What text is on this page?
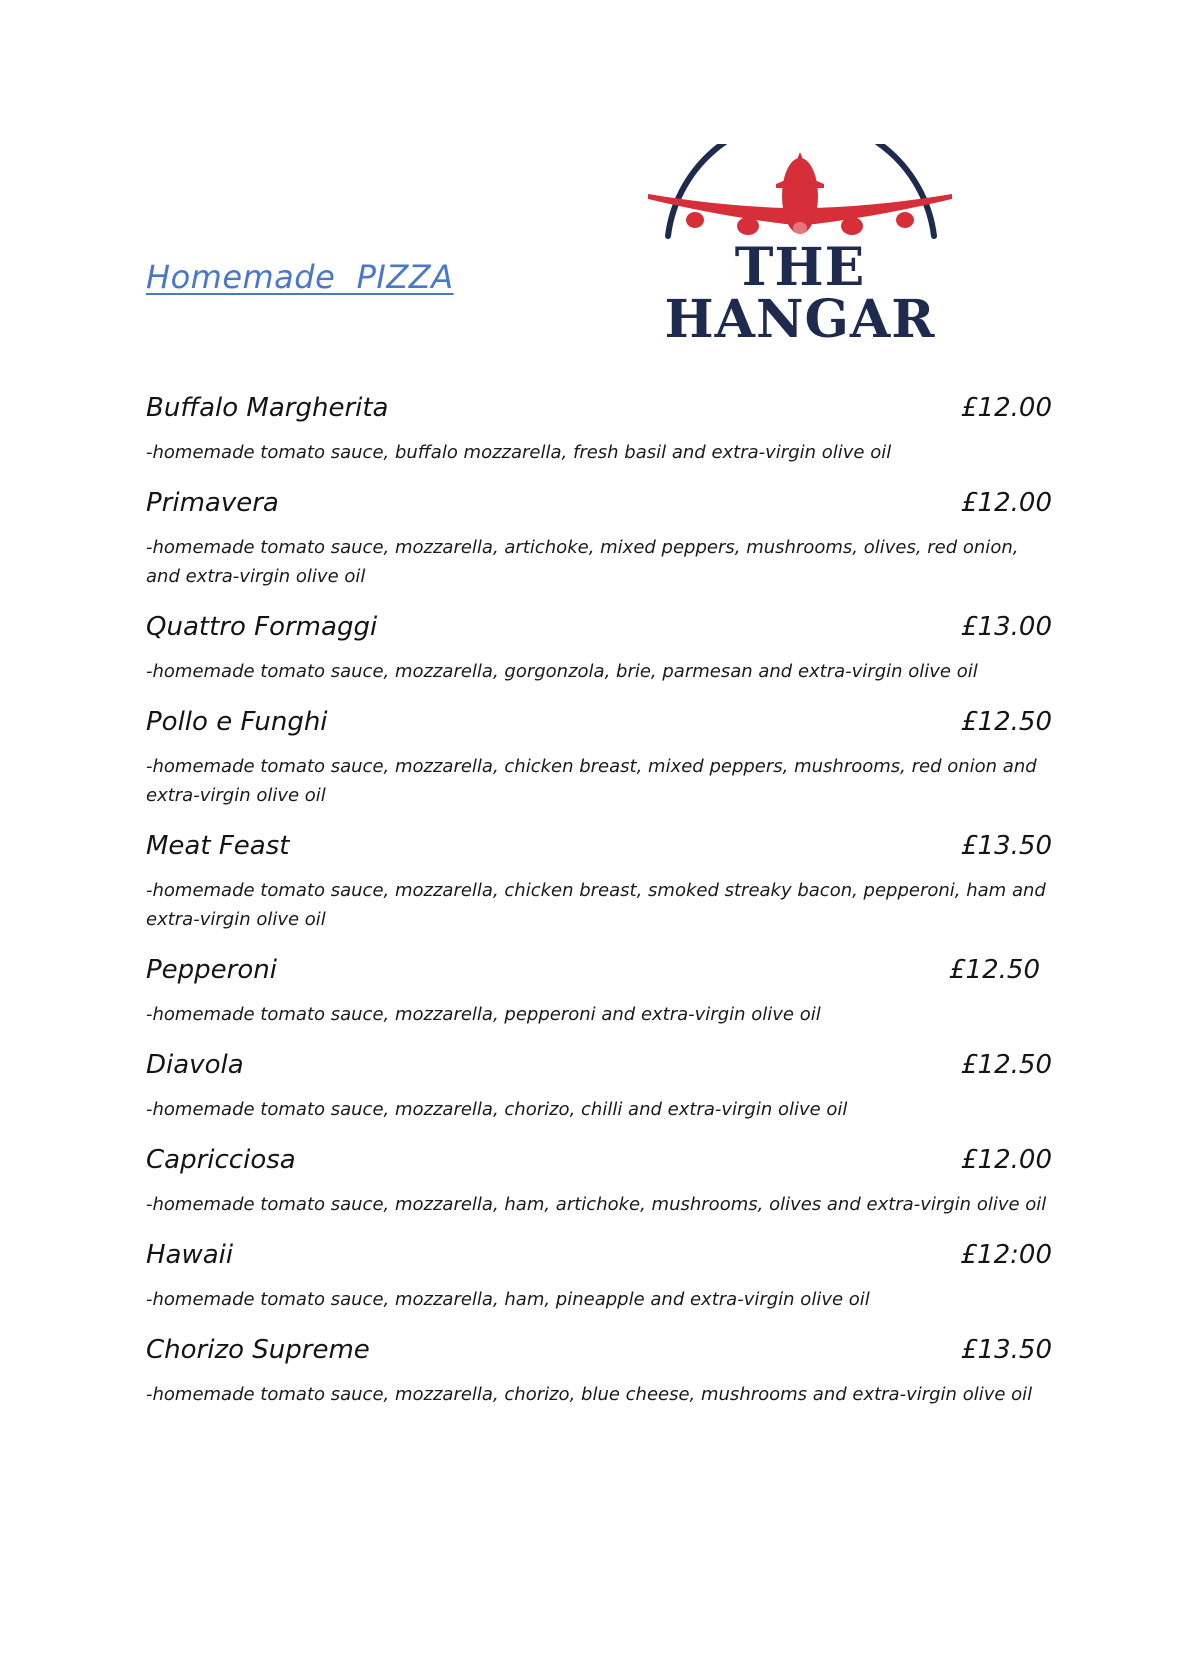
Homemade  PIZZA	THE HANGAR
Buffalo Margherita	£12.00
-homemade tomato sauce, buffalo mozzarella, fresh basil and extra-virgin olive oil
Primavera	£12.00
-homemade tomato sauce, mozzarella, artichoke, mixed peppers, mushrooms, olives, red onion, and extra-virgin olive oil
Quattro Formaggi	£13.00
-homemade tomato sauce, mozzarella, gorgonzola, brie, parmesan and extra-virgin olive oil
Pollo e Funghi	£12.50
-homemade tomato sauce, mozzarella, chicken breast, mixed peppers, mushrooms, red onion and extra-virgin olive oil
Meat Feast	£13.50
-homemade tomato sauce, mozzarella, chicken breast, smoked streaky bacon, pepperoni, ham and extra-virgin olive oil
Pepperoni	£12.50
-homemade tomato sauce, mozzarella, pepperoni and extra-virgin olive oil
Diavola	£12.50
-homemade tomato sauce, mozzarella, chorizo, chilli and extra-virgin olive oil
Capricciosa	£12.00
-homemade tomato sauce, mozzarella, ham, artichoke, mushrooms, olives and extra-virgin olive oil
Hawaii	£12:00
-homemade tomato sauce, mozzarella, ham, pineapple and extra-virgin olive oil
Chorizo Supreme	£13.50
-homemade tomato sauce, mozzarella, chorizo, blue cheese, mushrooms and extra-virgin olive oil
